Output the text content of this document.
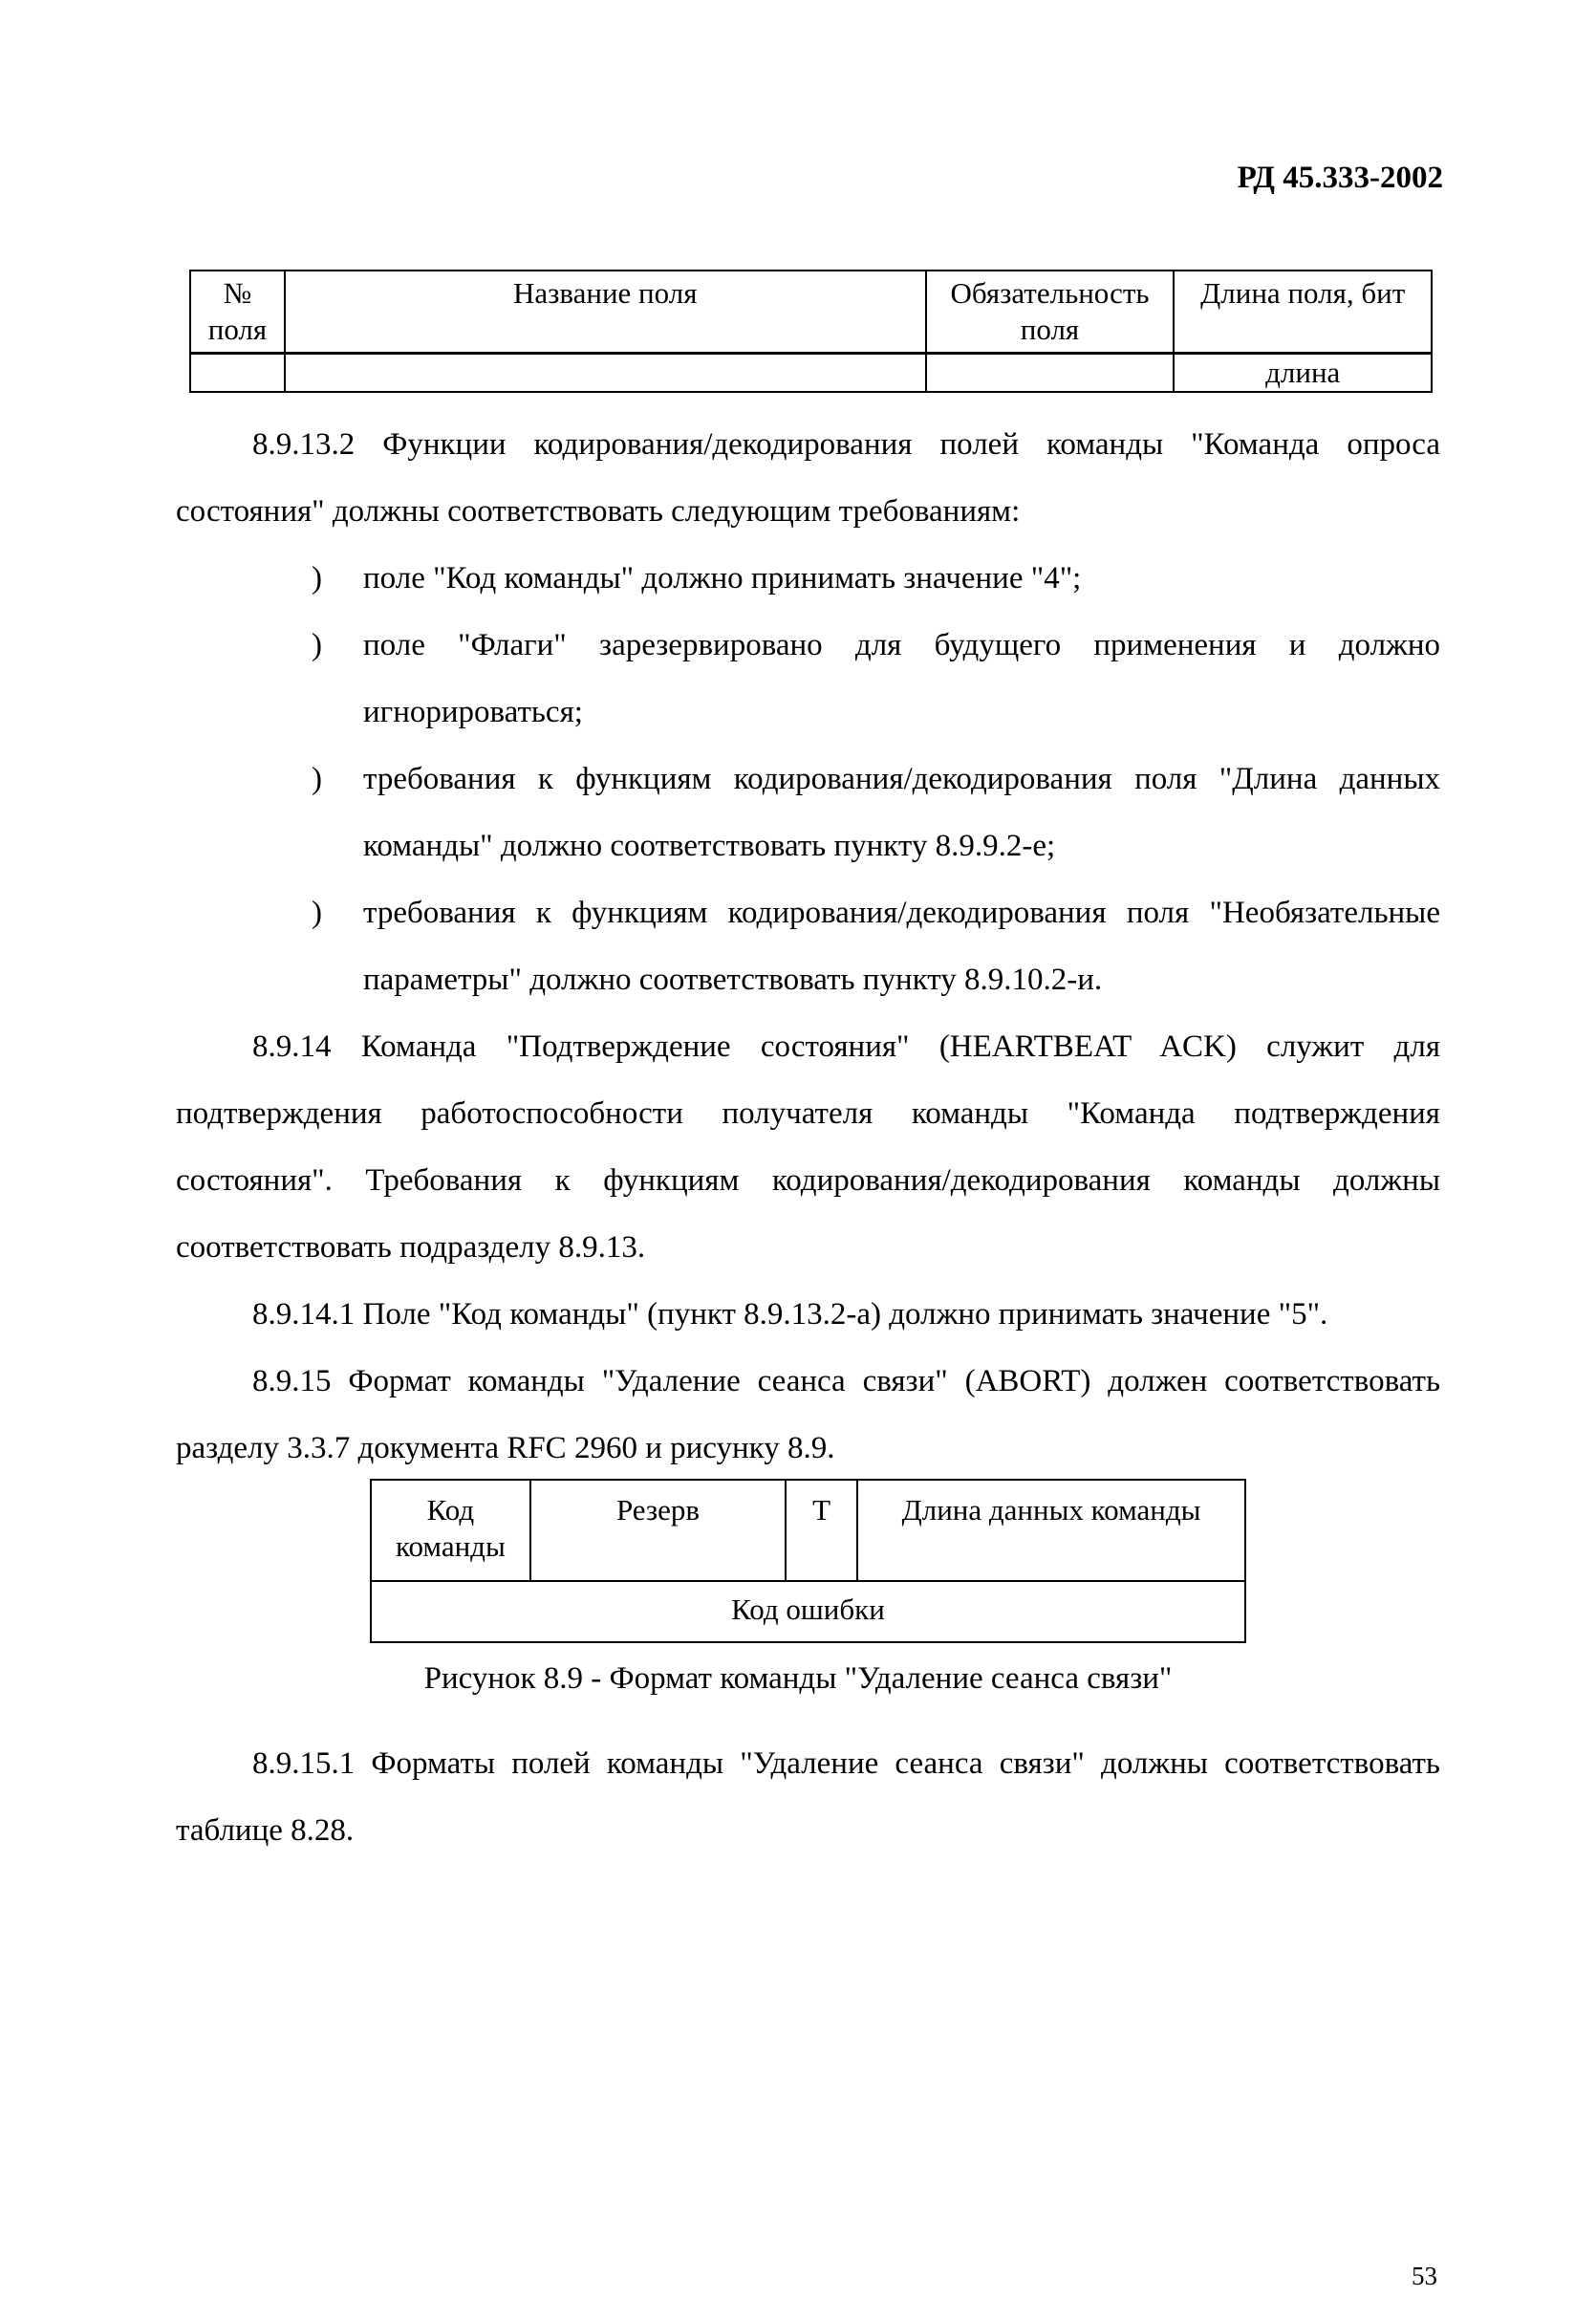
РД 45.333-2002
№ поля	Название поля	Обязательность поля	Длина поля, бит
			длина

8.9.13.2 Функции кодирования/декодирования полей команды "Команда опроса

состояния" должны соответствовать следующим требованиям:

) поле "Код команды" должно принимать значение "4";

) поле "Флаги" зарезервировано для будущего применения и должно

игнорироваться;

) требования к функциям кодирования/декодирования поля "Длина данных

команды" должно соответствовать пункту 8.9.9.2-е;

) требования к функциям кодирования/декодирования поля "Необязательные

параметры" должно соответствовать пункту 8.9.10.2-и.

8.9.14 Команда "Подтверждение состояния" (HEARTBEAT ACK) служит для

подтверждения работоспособности получателя команды "Команда подтверждения

состояния". Требования к функциям кодирования/декодирования команды должны

соответствовать подразделу 8.9.13.

8.9.14.1 Поле "Код команды" (пункт 8.9.13.2-а) должно принимать значение "5".

8.9.15 Формат команды "Удаление сеанса связи" (ABORT) должен соответствовать

разделу 3.3.7 документа RFC 2960 и рисунку 8.9.

Код команды	Резерв	T	Длина данных команды
Код ошибки
Рисунок 8.9 - Формат команды "Удаление сеанса связи"

8.9.15.1 Форматы полей команды "Удаление сеанса связи" должны соответствовать

таблице 8.28.

53
